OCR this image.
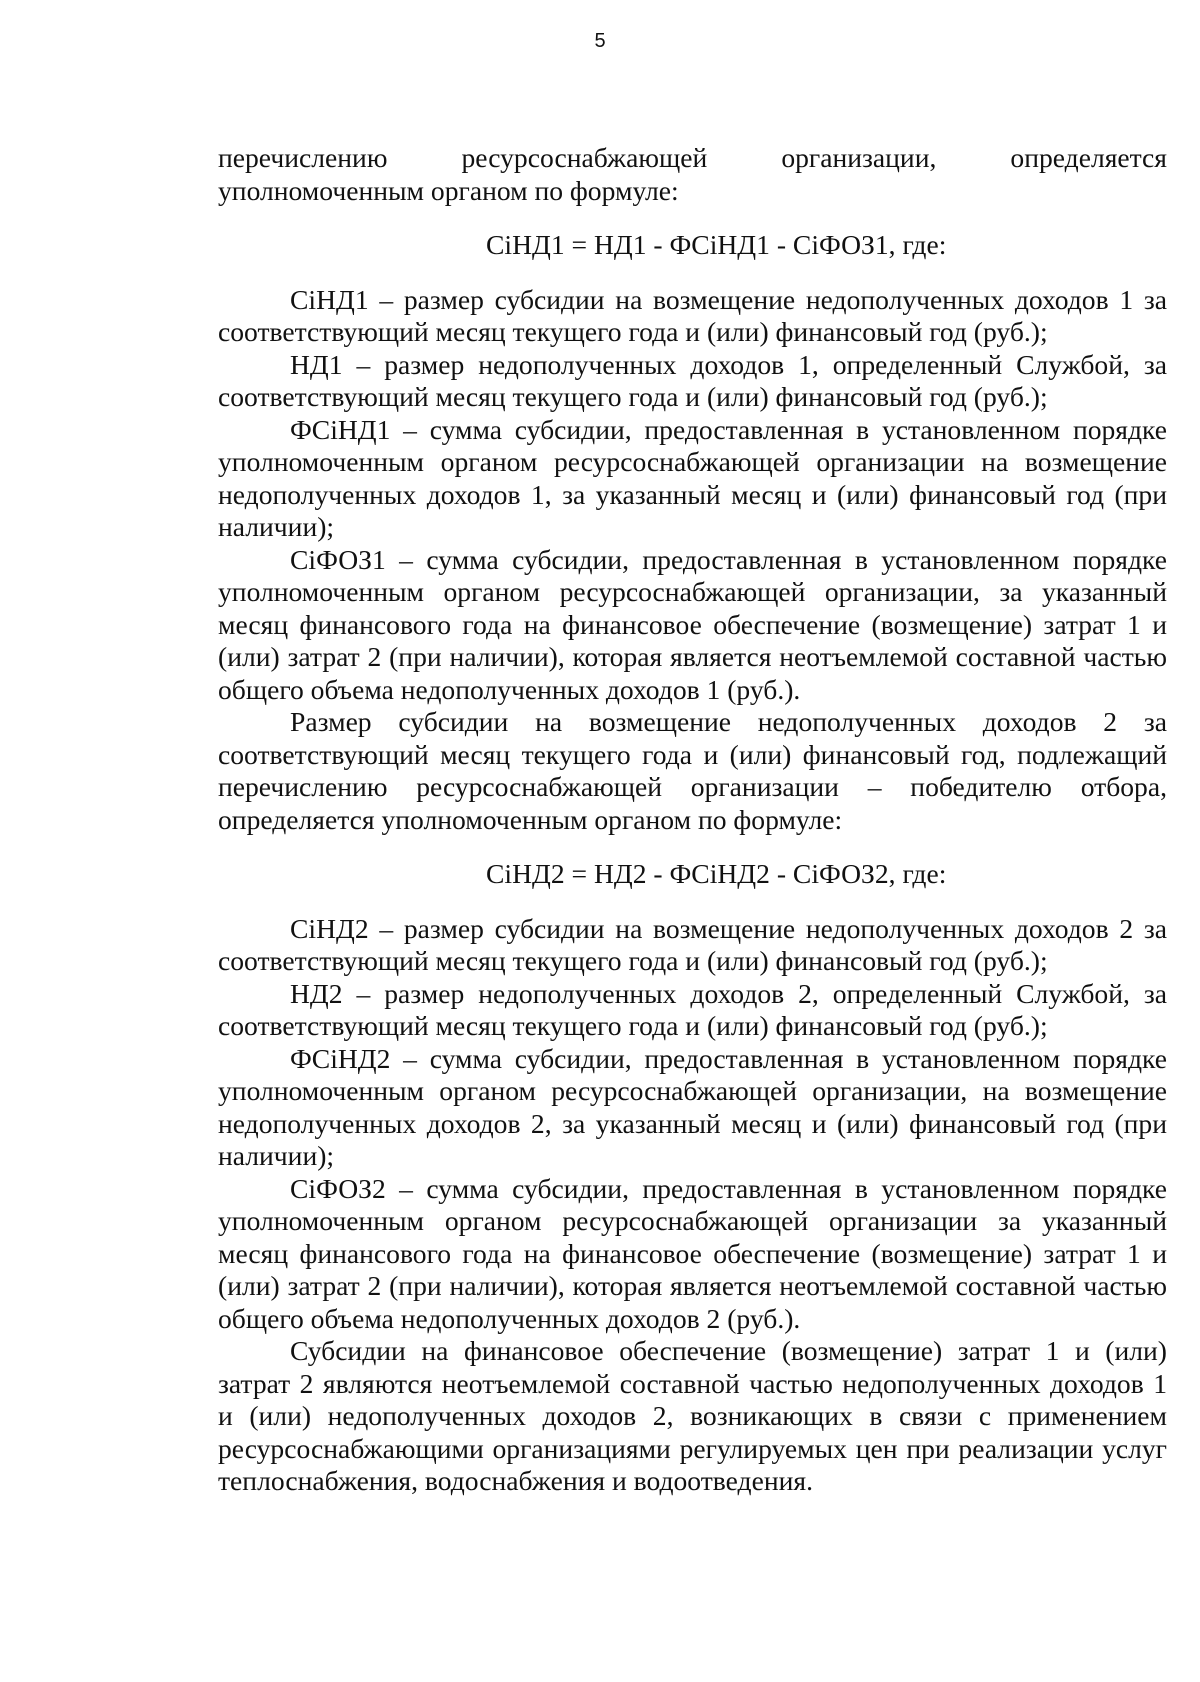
5

перечислению ресурсоснабжающей организации, определяется уполномоченным органом по формуле:

СiНД1 = НД1 - ФСiНД1 - СiФОЗ1, где:

СiНД1 – размер субсидии на возмещение недополученных доходов 1 за соответствующий месяц текущего года и (или) финансовый год (руб.);

НД1 – размер недополученных доходов 1, определенный Службой, за соответствующий месяц текущего года и (или) финансовый год (руб.);

ФСiНД1 – сумма субсидии, предоставленная в установленном порядке уполномоченным органом ресурсоснабжающей организации на возмещение недополученных доходов 1, за указанный месяц и (или) финансовый год (при наличии);

СiФОЗ1 – сумма субсидии, предоставленная в установленном порядке уполномоченным органом ресурсоснабжающей организации, за указанный месяц финансового года на финансовое обеспечение (возмещение) затрат 1 и (или) затрат 2 (при наличии), которая является неотъемлемой составной частью общего объема недополученных доходов 1 (руб.).

Размер субсидии на возмещение недополученных доходов 2 за соответствующий месяц текущего года и (или) финансовый год, подлежащий перечислению ресурсоснабжающей организации – победителю отбора, определяется уполномоченным органом по формуле:

СiНД2 = НД2 - ФСiНД2 - СiФОЗ2, где:

СiНД2 – размер субсидии на возмещение недополученных доходов 2 за соответствующий месяц текущего года и (или) финансовый год (руб.);

НД2 – размер недополученных доходов 2, определенный Службой, за соответствующий месяц текущего года и (или) финансовый год (руб.);

ФСiНД2 – сумма субсидии, предоставленная в установленном порядке уполномоченным органом ресурсоснабжающей организации, на возмещение недополученных доходов 2, за указанный месяц и (или) финансовый год (при наличии);

СiФОЗ2 – сумма субсидии, предоставленная в установленном порядке уполномоченным органом ресурсоснабжающей организации за указанный месяц финансового года на финансовое обеспечение (возмещение) затрат 1 и (или) затрат 2 (при наличии), которая является неотъемлемой составной частью общего объема недополученных доходов 2 (руб.).

Субсидии на финансовое обеспечение (возмещение) затрат 1 и (или) затрат 2 являются неотъемлемой составной частью недополученных доходов 1 и (или) недополученных доходов 2, возникающих в связи с применением ресурсоснабжающими организациями регулируемых цен при реализации услуг теплоснабжения, водоснабжения и водоотведения.
